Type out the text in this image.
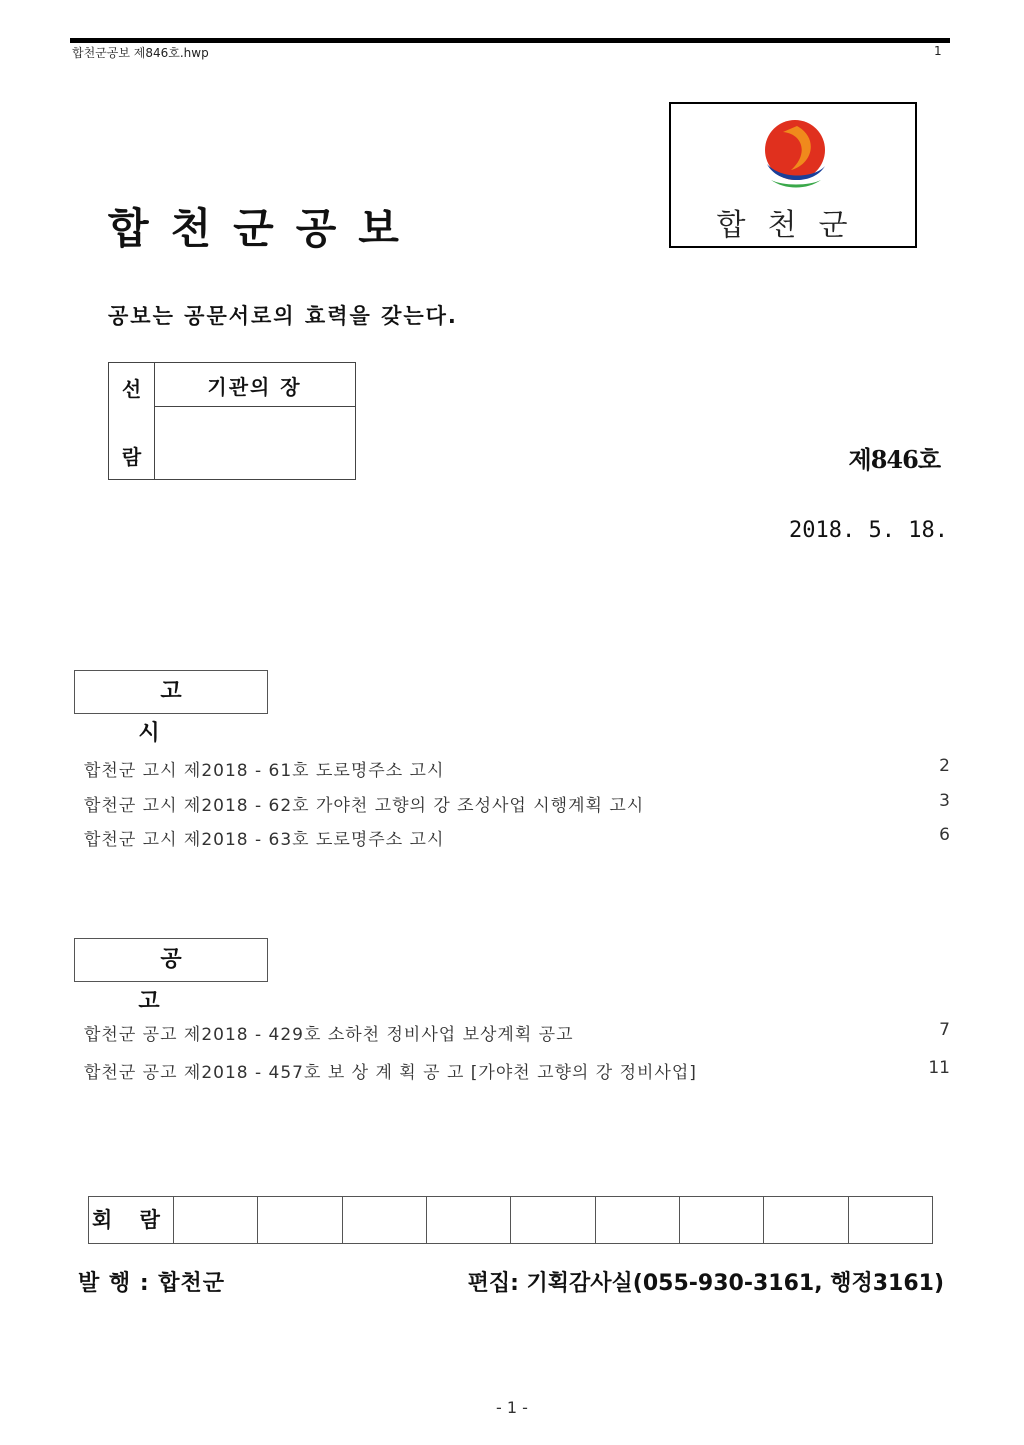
합천군공보 제846호.hwp	1
합천군공보	합천군
공보는 공문서로의 효력을 갖는다.
선
람
기관의 장
제846호
2018. 5. 18.
고 시
합천군 고시 제2018 - 61호 도로명주소 고시	2
합천군 고시 제2018 - 62호 가야천 고향의 강 조성사업 시행계획 고시	3
합천군 고시 제2018 - 63호 도로명주소 고시	6
공 고
합천군 공고 제2018 - 429호 소하천 정비사업 보상계획 공고	7
합천군 공고 제2018 - 457호 보 상 계 획 공 고 [가야천 고향의 강 정비사업]	11
회 람
발 행 : 합천군	편집: 기획감사실(055-930-3161, 행정3161)
- 1 -
